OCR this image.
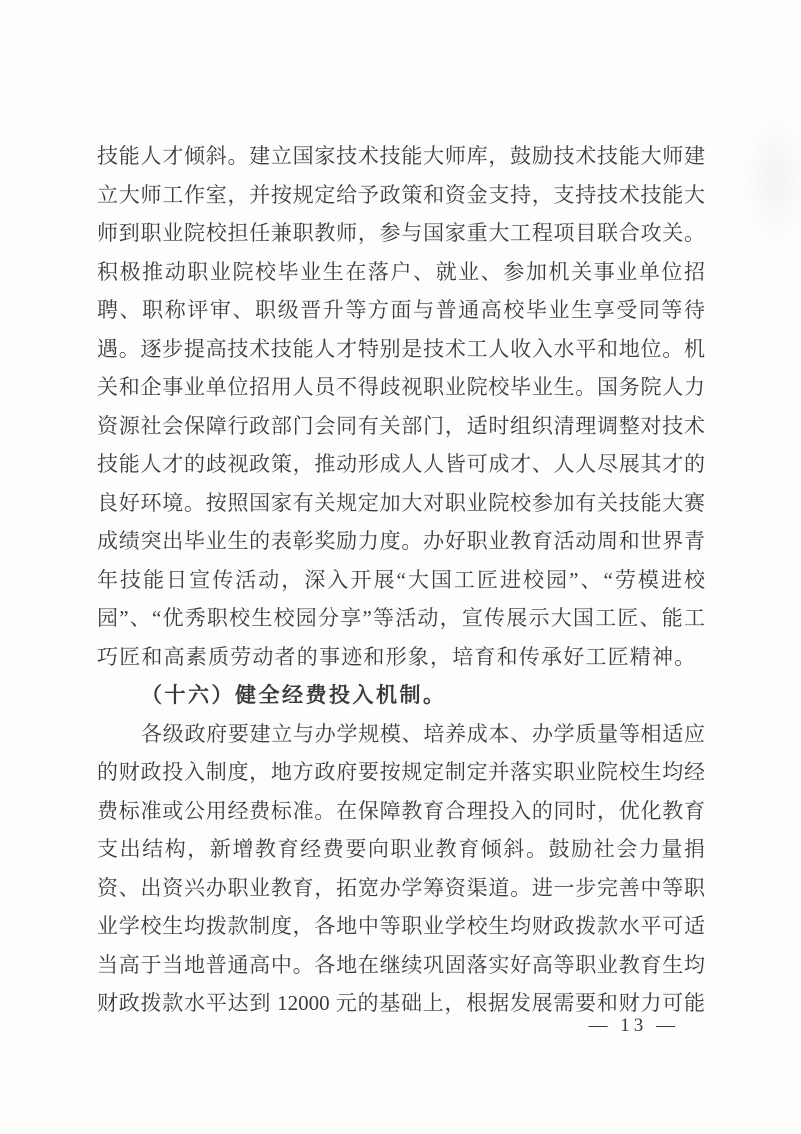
技能人才倾斜。建立国家技术技能大师库，鼓励技术技能大师建
立大师工作室，并按规定给予政策和资金支持，支持技术技能大
师到职业院校担任兼职教师，参与国家重大工程项目联合攻关。
积极推动职业院校毕业生在落户、就业、参加机关事业单位招
聘、职称评审、职级晋升等方面与普通高校毕业生享受同等待
遇。逐步提高技术技能人才特别是技术工人收入水平和地位。机
关和企事业单位招用人员不得歧视职业院校毕业生。国务院人力
资源社会保障行政部门会同有关部门，适时组织清理调整对技术
技能人才的歧视政策，推动形成人人皆可成才、人人尽展其才的
良好环境。按照国家有关规定加大对职业院校参加有关技能大赛
成绩突出毕业生的表彰奖励力度。办好职业教育活动周和世界青
年技能日宣传活动，深入开展“大国工匠进校园”、“劳模进校
园”、“优秀职校生校园分享”等活动，宣传展示大国工匠、能工
巧匠和高素质劳动者的事迹和形象，培育和传承好工匠精神。
（十六）健全经费投入机制。
各级政府要建立与办学规模、培养成本、办学质量等相适应
的财政投入制度，地方政府要按规定制定并落实职业院校生均经
费标准或公用经费标准。在保障教育合理投入的同时，优化教育
支出结构，新增教育经费要向职业教育倾斜。鼓励社会力量捐
资、出资兴办职业教育，拓宽办学筹资渠道。进一步完善中等职
业学校生均拨款制度，各地中等职业学校生均财政拨款水平可适
当高于当地普通高中。各地在继续巩固落实好高等职业教育生均
财政拨款水平达到 12000 元的基础上，根据发展需要和财力可能
— 13 —
